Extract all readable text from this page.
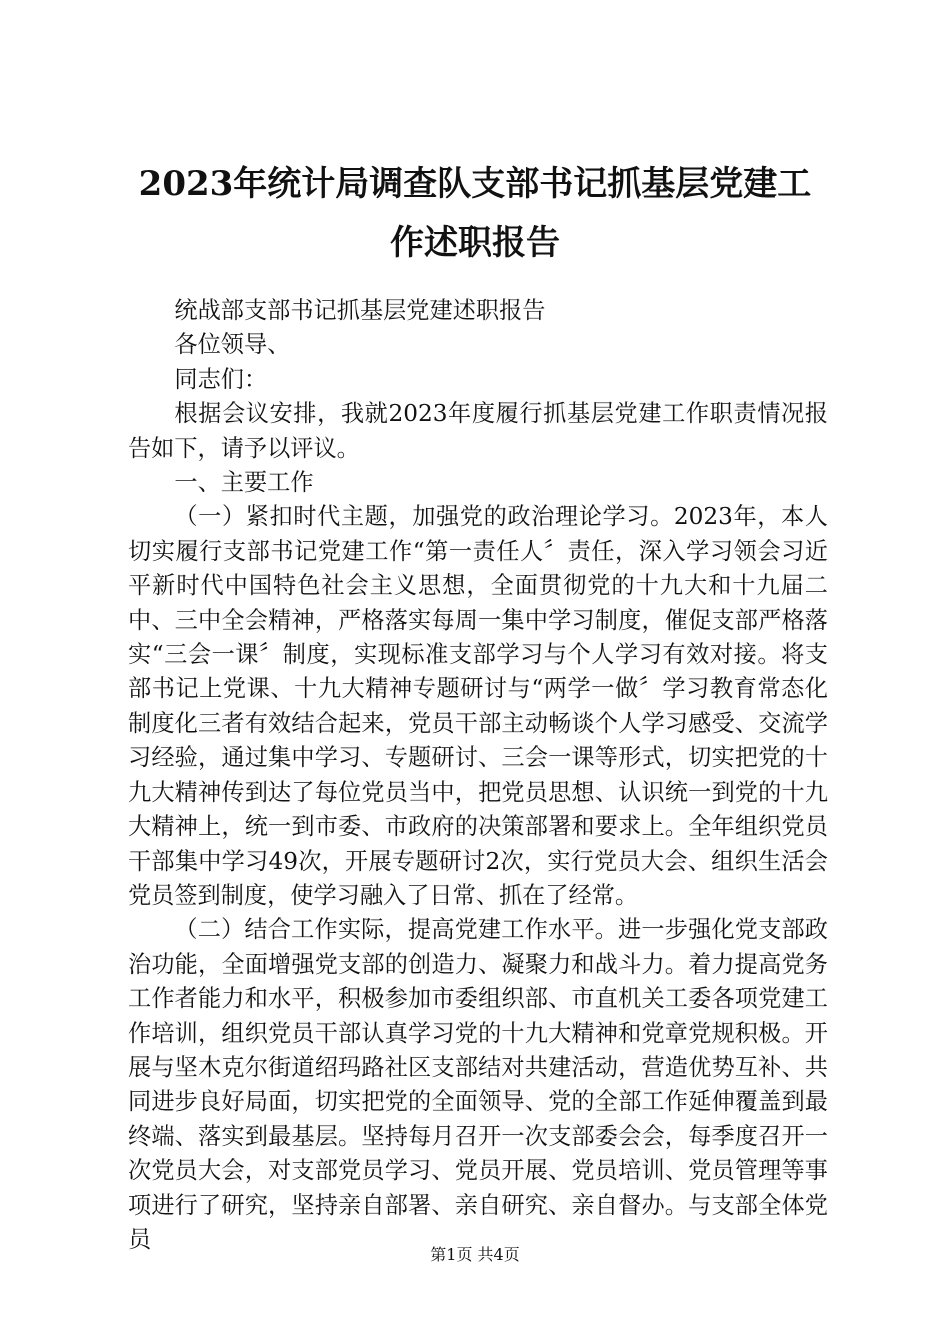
2023年统计局调查队支部书记抓基层党建工
作述职报告

统战部支部书记抓基层党建述职报告

各位领导、

同志们：

根据会议安排，我就2023年度履行抓基层党建工作职责情况报告如下，请予以评议。

一、主要工作

（一）紧扣时代主题，加强党的政治理论学习。2023年，本人切实履行支部书记党建工作“第一责任人〞责任，深入学习领会习近平新时代中国特色社会主义思想，全面贯彻党的十九大和十九届二中、三中全会精神，严格落实每周一集中学习制度，催促支部严格落实“三会一课〞制度，实现标准支部学习与个人学习有效对接。将支部书记上党课、十九大精神专题研讨与“两学一做〞学习教育常态化制度化三者有效结合起来，党员干部主动畅谈个人学习感受、交流学习经验，通过集中学习、专题研讨、三会一课等形式，切实把党的十九大精神传到达了每位党员当中，把党员思想、认识统一到党的十九大精神上，统一到市委、市政府的决策部署和要求上。全年组织党员干部集中学习49次，开展专题研讨2次，实行党员大会、组织生活会党员签到制度，使学习融入了日常、抓在了经常。

（二）结合工作实际，提高党建工作水平。进一步强化党支部政治功能，全面增强党支部的创造力、凝聚力和战斗力。着力提高党务工作者能力和水平，积极参加市委组织部、市直机关工委各项党建工作培训，组织党员干部认真学习党的十九大精神和党章党规积极。开展与坚木克尔街道绍玛路社区支部结对共建活动，营造优势互补、共同进步良好局面，切实把党的全面领导、党的全部工作延伸覆盖到最终端、落实到最基层。坚持每月召开一次支部委会会，每季度召开一次党员大会，对支部党员学习、党员开展、党员培训、党员管理等事项进行了研究，坚持亲自部署、亲自研究、亲自督办。与支部全体党员

第1页 共4页
